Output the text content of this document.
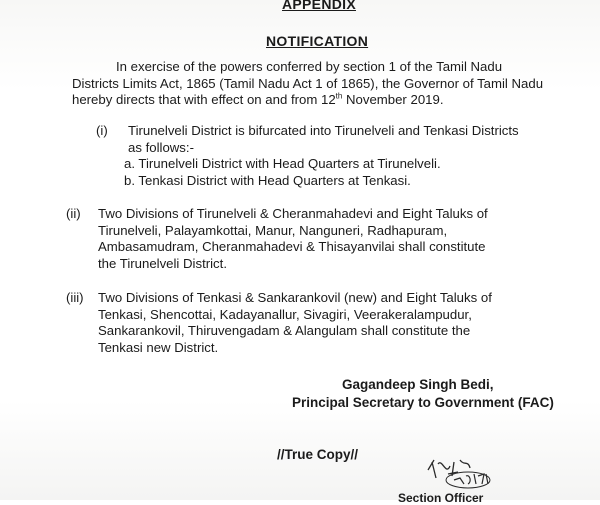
APPENDIX
NOTIFICATION
In exercise of the powers conferred by section 1 of the Tamil Nadu
Districts Limits Act, 1865 (Tamil Nadu Act 1 of 1865), the Governor of Tamil Nadu
hereby directs that with effect on and from 12th November 2019.
(i) Tirunelveli District is bifurcated into Tirunelveli and Tenkasi Districts
as follows:-
a. Tirunelveli District with Head Quarters at Tirunelveli.
b. Tenkasi District with Head Quarters at Tenkasi.
(ii) Two Divisions of Tirunelveli & Cheranmahadevi and Eight Taluks of
Tirunelveli, Palayamkottai, Manur, Nanguneri, Radhapuram,
Ambasamudram, Cheranmahadevi & Thisayanvilai shall constitute
the Tirunelveli District.
(iii) Two Divisions of Tenkasi & Sankarankovil (new) and Eight Taluks of
Tenkasi, Shencottai, Kadayanallur, Sivagiri, Veerakeralampudur,
Sankarankovil, Thiruvengadam & Alangulam shall constitute the
Tenkasi new District.
Gagandeep Singh Bedi,
Principal Secretary to Government (FAC)
//True Copy//
Section Officer
